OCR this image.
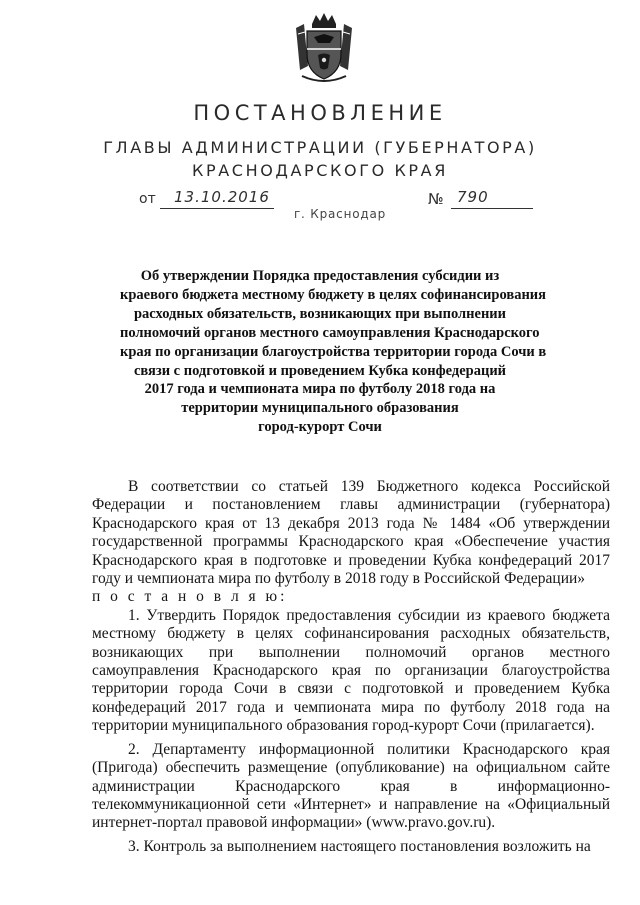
ПОСТАНОВЛЕНИЕ
ГЛАВЫ АДМИНИСТРАЦИИ (ГУБЕРНАТОРА)
КРАСНОДАРСКОГО КРАЯ
от	13.10.2016	№ 790
г. Краснодар
Об утверждении Порядка предоставления субсидии из
краевого бюджета местному бюджету в целях софинансирования
расходных обязательств, возникающих при выполнении
полномочий органов местного самоуправления Краснодарского
края по организации благоустройства территории города Сочи в
связи с подготовкой и проведением Кубка конфедераций
2017 года и чемпионата мира по футболу 2018 года на
территории муниципального образования
город-курорт Сочи

В соответствии со статьей 139 Бюджетного кодекса Российской Федерации и постановлением главы администрации (губернатора) Краснодарского края от 13 декабря 2013 года № 1484 «Об утверждении государственной программы Краснодарского края «Обеспечение участия Краснодарского края в подготовке и проведении Кубка конфедераций 2017 году и чемпионата мира по футболу в 2018 году в Российской Федерации»

п о с т а н о в л я ю:

1. Утвердить Порядок предоставления субсидии из краевого бюджета местному бюджету в целях софинансирования расходных обязательств, возникающих при выполнении полномочий органов местного самоуправления Краснодарского края по организации благоустройства территории города Сочи в связи с подготовкой и проведением Кубка конфедераций 2017 года и чемпионата мира по футболу 2018 года на территории муниципального образования город-курорт Сочи (прилагается).

2. Департаменту информационной политики Краснодарского края (Пригода) обеспечить размещение (опубликование) на официальном сайте администрации Краснодарского края в информационно-телекоммуникационной сети «Интернет» и направление на «Официальный интернет-портал правовой информации» (www.pravo.gov.ru).

3. Контроль за выполнением настоящего постановления возложить на
